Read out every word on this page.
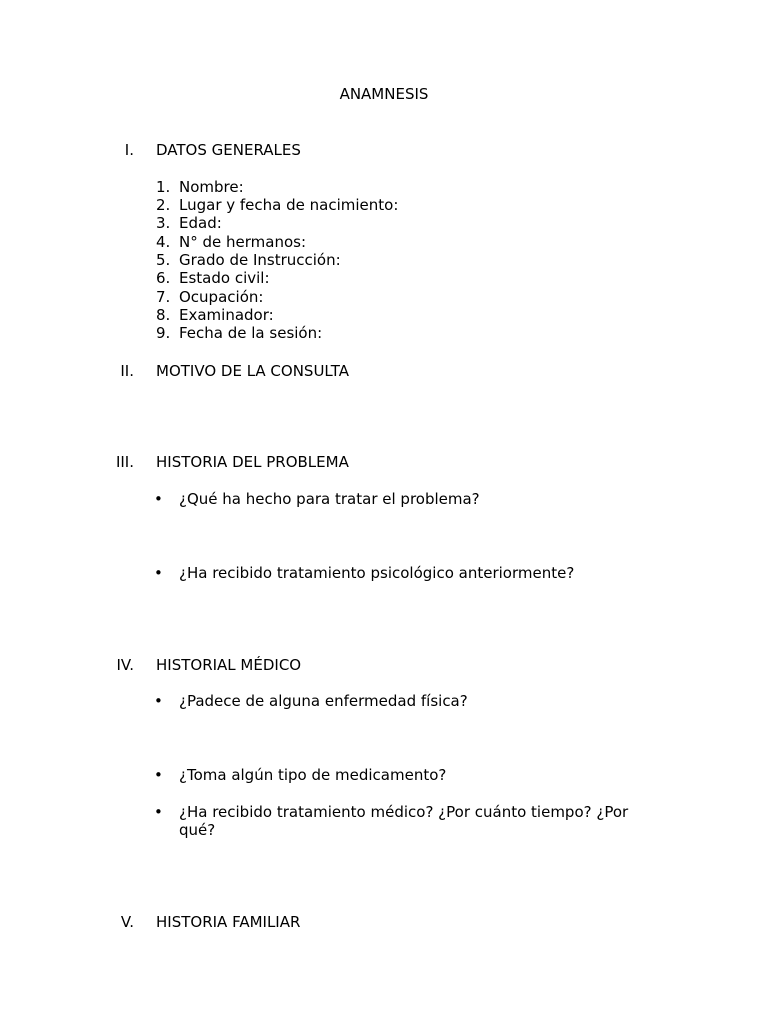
ANAMNESIS
I. DATOS GENERALES
1. Nombre:
2. Lugar y fecha de nacimiento:
3. Edad:
4. N° de hermanos:
5. Grado de Instrucción:
6. Estado civil:
7. Ocupación:
8. Examinador:
9. Fecha de la sesión:
II. MOTIVO DE LA CONSULTA
III. HISTORIA DEL PROBLEMA
• ¿Qué ha hecho para tratar el problema?
• ¿Ha recibido tratamiento psicológico anteriormente?
IV. HISTORIAL MÉDICO
• ¿Padece de alguna enfermedad física?
• ¿Toma algún tipo de medicamento?
• ¿Ha recibido tratamiento médico? ¿Por cuánto tiempo? ¿Por qué?
V. HISTORIA FAMILIAR
